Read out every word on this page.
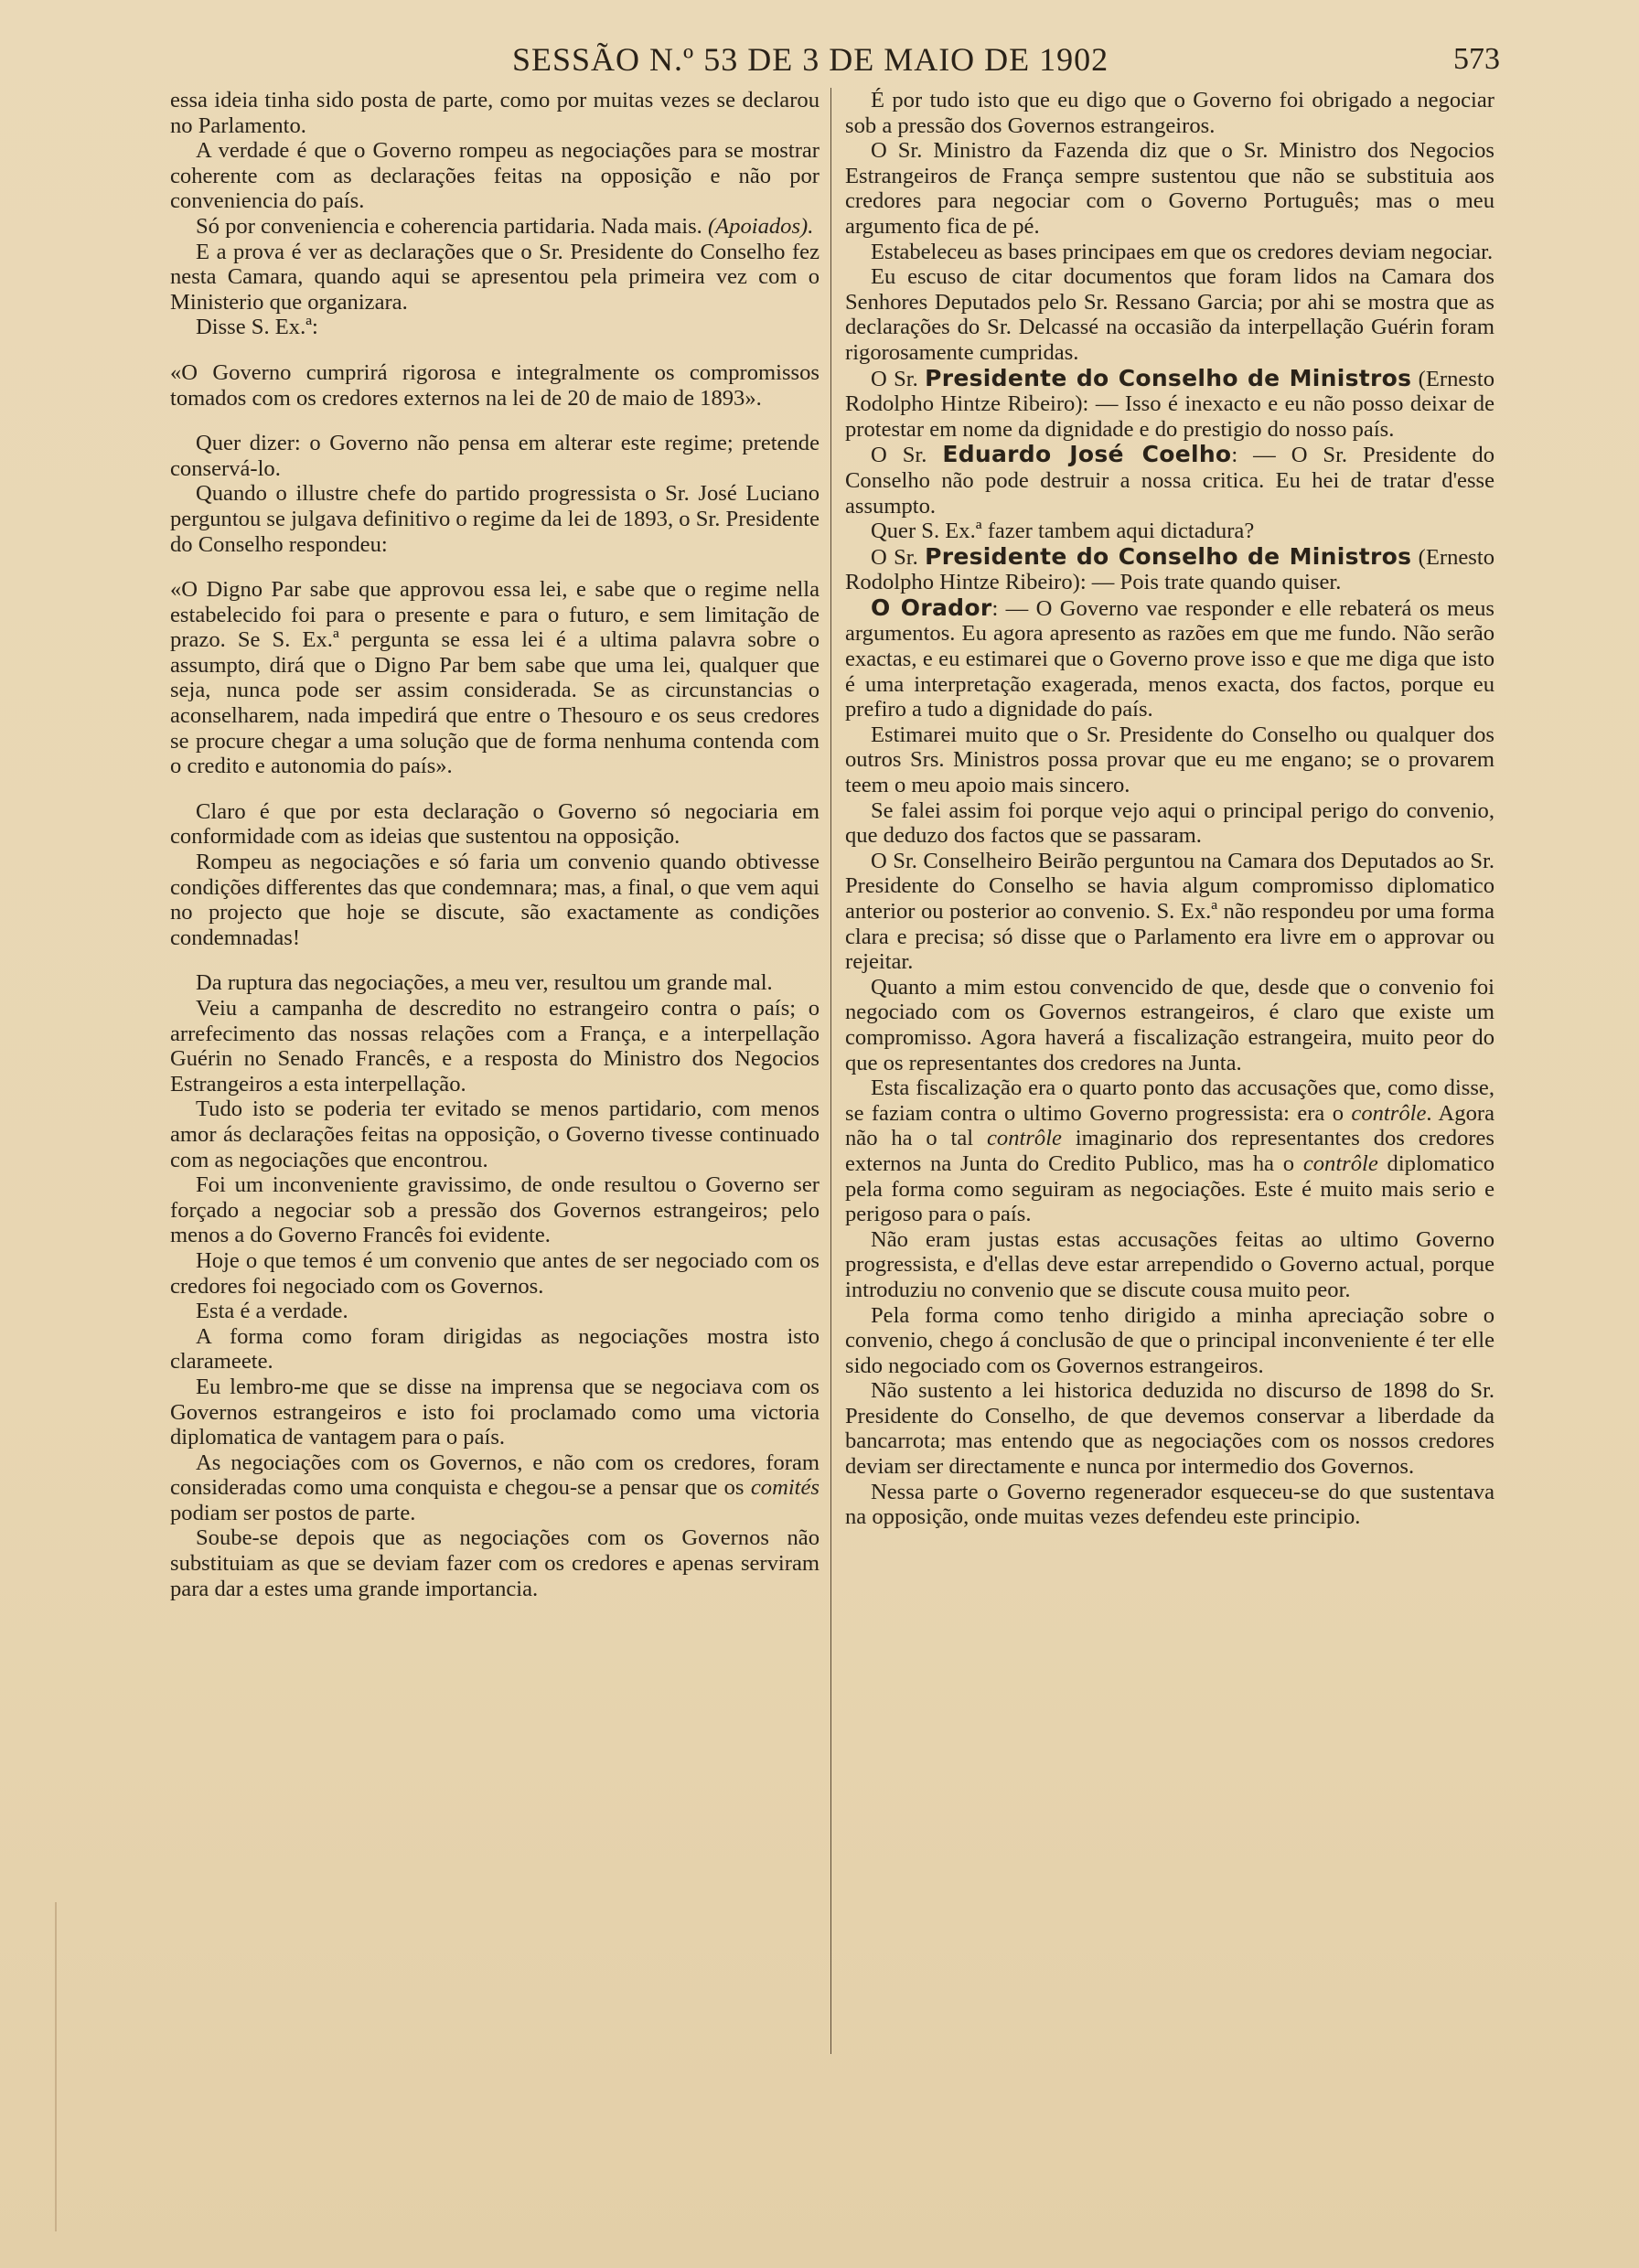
SESSÃO N.º 53 DE 3 DE MAIO DE 1902	573

essa ideia tinha sido posta de parte, como por muitas vezes se declarou no Parlamento.

A verdade é que o Governo rompeu as negociações para se mostrar coherente com as declarações feitas na opposição e não por conveniencia do país.

Só por conveniencia e coherencia partidaria. Nada mais. (Apoiados).

E a prova é ver as declarações que o Sr. Presidente do Conselho fez nesta Camara, quando aqui se apresentou pela primeira vez com o Ministerio que organizara.

Disse S. Ex.ª:

«O Governo cumprirá rigorosa e integralmente os compromissos tomados com os credores externos na lei de 20 de maio de 1893».

Quer dizer: o Governo não pensa em alterar este regime; pretende conservá-lo.

Quando o illustre chefe do partido progressista o Sr. José Luciano perguntou se julgava definitivo o regime da lei de 1893, o Sr. Presidente do Conselho respondeu:

«O Digno Par sabe que approvou essa lei, e sabe que o regime nella estabelecido foi para o presente e para o futuro, e sem limitação de prazo. Se S. Ex.ª pergunta se essa lei é a ultima palavra sobre o assumpto, dirá que o Digno Par bem sabe que uma lei, qualquer que seja, nunca pode ser assim considerada. Se as circunstancias o aconselharem, nada impedirá que entre o Thesouro e os seus credores se procure chegar a uma solução que de forma nenhuma contenda com o credito e autonomia do país».

Claro é que por esta declaração o Governo só negociaria em conformidade com as ideias que sustentou na opposição.

Rompeu as negociações e só faria um convenio quando obtivesse condições differentes das que condemnara; mas, a final, o que vem aqui no projecto que hoje se discute, são exactamente as condições condemnadas!

Da ruptura das negociações, a meu ver, resultou um grande mal.

Veiu a campanha de descredito no estrangeiro contra o país; o arrefecimento das nossas relações com a França, e a interpellação Guérin no Senado Francês, e a resposta do Ministro dos Negocios Estrangeiros a esta interpellação.

Tudo isto se poderia ter evitado se menos partidario, com menos amor ás declarações feitas na opposição, o Governo tivesse continuado com as negociações que encontrou.

Foi um inconveniente gravissimo, de onde resultou o Governo ser forçado a negociar sob a pressão dos Governos estrangeiros; pelo menos a do Governo Francês foi evidente.

Hoje o que temos é um convenio que antes de ser negociado com os credores foi negociado com os Governos.

Esta é a verdade.

A forma como foram dirigidas as negociações mostra isto clarameete.

Eu lembro-me que se disse na imprensa que se negociava com os Governos estrangeiros e isto foi proclamado como uma victoria diplomatica de vantagem para o país.

As negociações com os Governos, e não com os credores, foram consideradas como uma conquista e chegou-se a pensar que os comités podiam ser postos de parte.

Soube-se depois que as negociações com os Governos não substituiam as que se deviam fazer com os credores e apenas serviram para dar a estes uma grande importancia.

É por tudo isto que eu digo que o Governo foi obrigado a negociar sob a pressão dos Governos estrangeiros.

O Sr. Ministro da Fazenda diz que o Sr. Ministro dos Negocios Estrangeiros de França sempre sustentou que não se substituia aos credores para negociar com o Governo Português; mas o meu argumento fica de pé.

Estabeleceu as bases principaes em que os credores deviam negociar.

Eu escuso de citar documentos que foram lidos na Camara dos Senhores Deputados pelo Sr. Ressano Garcia; por ahi se mostra que as declarações do Sr. Delcassé na occasião da interpellação Guérin foram rigorosamente cumpridas.

O Sr. Presidente do Conselho de Ministros (Ernesto Rodolpho Hintze Ribeiro): — Isso é inexacto e eu não posso deixar de protestar em nome da dignidade e do prestigio do nosso país.

O Sr. Eduardo José Coelho: — O Sr. Presidente do Conselho não pode destruir a nossa critica. Eu hei de tratar d'esse assumpto.

Quer S. Ex.ª fazer tambem aqui dictadura?

O Sr. Presidente do Conselho de Ministros (Ernesto Rodolpho Hintze Ribeiro): — Pois trate quando quiser.

O Orador: — O Governo vae responder e elle rebaterá os meus argumentos. Eu agora apresento as razões em que me fundo. Não serão exactas, e eu estimarei que o Governo prove isso e que me diga que isto é uma interpretação exagerada, menos exacta, dos factos, porque eu prefiro a tudo a dignidade do país.

Estimarei muito que o Sr. Presidente do Conselho ou qualquer dos outros Srs. Ministros possa provar que eu me engano; se o provarem teem o meu apoio mais sincero.

Se falei assim foi porque vejo aqui o principal perigo do convenio, que deduzo dos factos que se passaram.

O Sr. Conselheiro Beirão perguntou na Camara dos Deputados ao Sr. Presidente do Conselho se havia algum compromisso diplomatico anterior ou posterior ao convenio. S. Ex.ª não respondeu por uma forma clara e precisa; só disse que o Parlamento era livre em o approvar ou rejeitar.

Quanto a mim estou convencido de que, desde que o convenio foi negociado com os Governos estrangeiros, é claro que existe um compromisso. Agora haverá a fiscalização estrangeira, muito peor do que os representantes dos credores na Junta.

Esta fiscalização era o quarto ponto das accusações que, como disse, se faziam contra o ultimo Governo progressista: era o contrôle. Agora não ha o tal contrôle imaginario dos representantes dos credores externos na Junta do Credito Publico, mas ha o contrôle diplomatico pela forma como seguiram as negociações. Este é muito mais serio e perigoso para o país.

Não eram justas estas accusações feitas ao ultimo Governo progressista, e d'ellas deve estar arrependido o Governo actual, porque introduziu no convenio que se discute cousa muito peor.

Pela forma como tenho dirigido a minha apreciação sobre o convenio, chego á conclusão de que o principal inconveniente é ter elle sido negociado com os Governos estrangeiros.

Não sustento a lei historica deduzida no discurso de 1898 do Sr. Presidente do Conselho, de que devemos conservar a liberdade da bancarrota; mas entendo que as negociações com os nossos credores deviam ser directamente e nunca por intermedio dos Governos.

Nessa parte o Governo regenerador esqueceu-se do que sustentava na opposição, onde muitas vezes defendeu este principio.
